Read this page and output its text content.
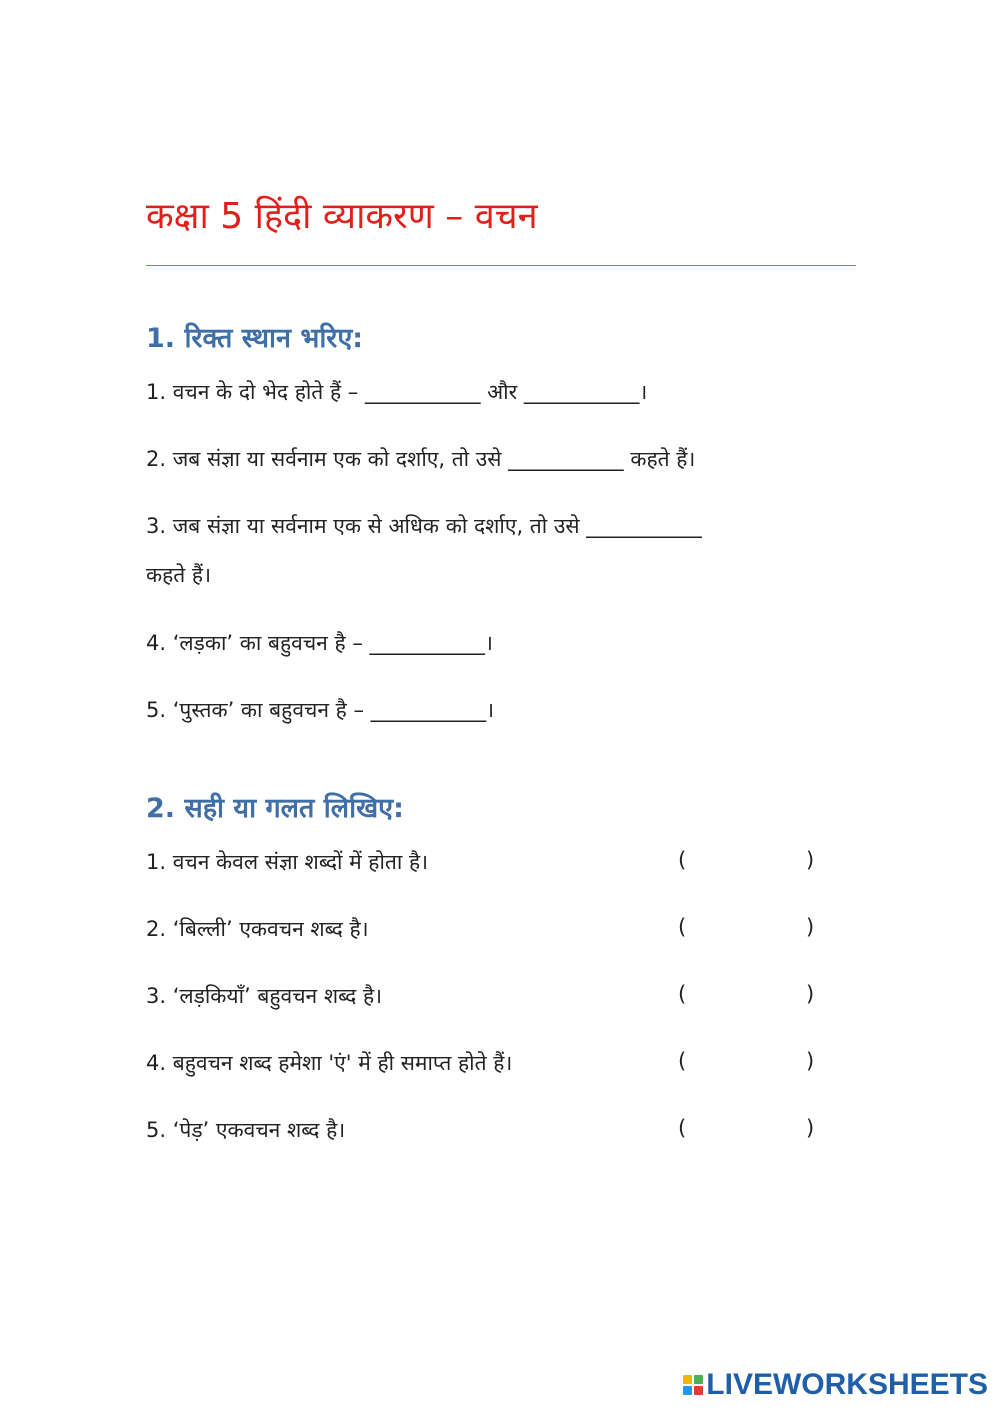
कक्षा 5 हिंदी व्याकरण – वचन
1. रिक्त स्थान भरिए:
1. वचन के दो भेद होते हैं – ___________ और ___________।
2. जब संज्ञा या सर्वनाम एक को दर्शाए, तो उसे ___________ कहते हैं।
3. जब संज्ञा या सर्वनाम एक से अधिक को दर्शाए, तो उसे ___________
कहते हैं।
4. ‘लड़का’ का बहुवचन है – ___________।
5. ‘पुस्तक’ का बहुवचन है – ___________।
2. सही या गलत लिखिए:
1. वचन केवल संज्ञा शब्दों में होता है।	(	)
2. ‘बिल्ली’ एकवचन शब्द है।	(	)
3. ‘लड़कियाँ’ बहुवचन शब्द है।	(	)
4. बहुवचन शब्द हमेशा 'एं' में ही समाप्त होते हैं।	(	)
5. ‘पेड़’ एकवचन शब्द है।	(	)
LIVEWORKSHEETS
